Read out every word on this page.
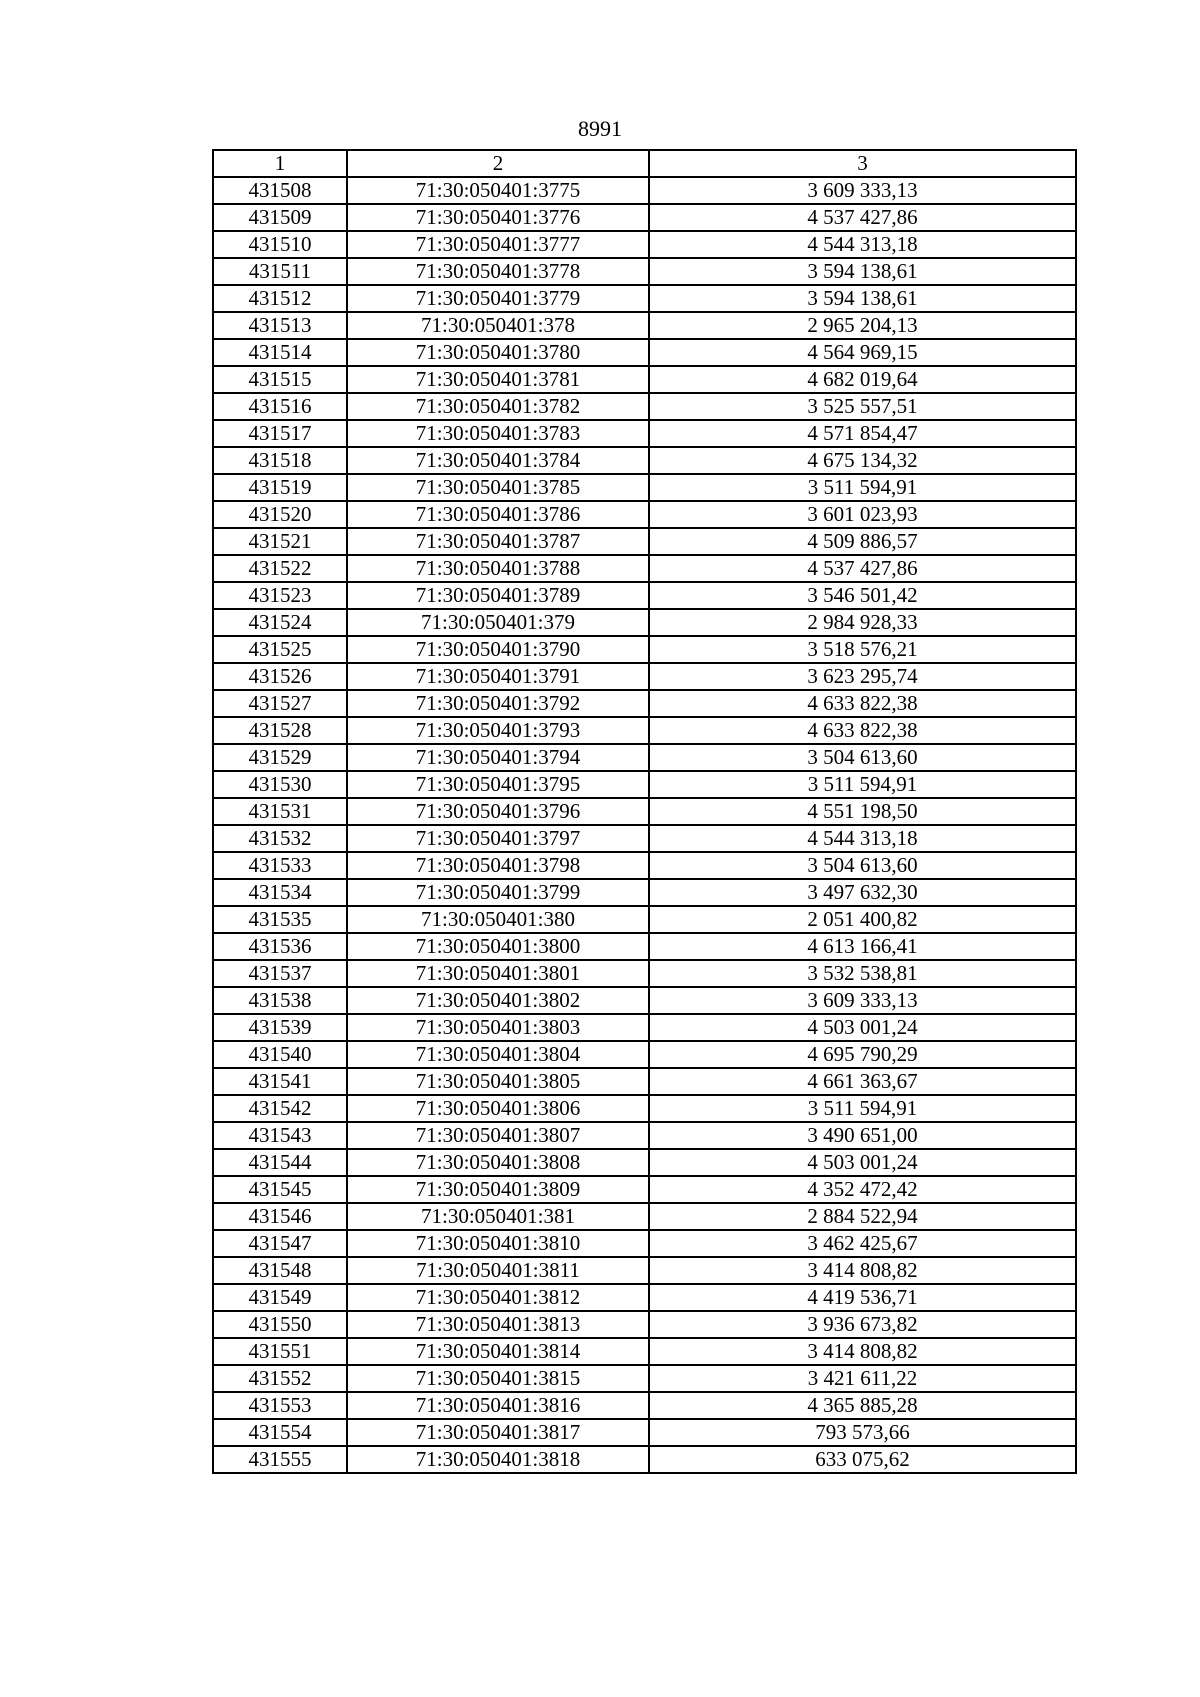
8991
1	2	3
431508	71:30:050401:3775	3 609 333,13
431509	71:30:050401:3776	4 537 427,86
431510	71:30:050401:3777	4 544 313,18
431511	71:30:050401:3778	3 594 138,61
431512	71:30:050401:3779	3 594 138,61
431513	71:30:050401:378	2 965 204,13
431514	71:30:050401:3780	4 564 969,15
431515	71:30:050401:3781	4 682 019,64
431516	71:30:050401:3782	3 525 557,51
431517	71:30:050401:3783	4 571 854,47
431518	71:30:050401:3784	4 675 134,32
431519	71:30:050401:3785	3 511 594,91
431520	71:30:050401:3786	3 601 023,93
431521	71:30:050401:3787	4 509 886,57
431522	71:30:050401:3788	4 537 427,86
431523	71:30:050401:3789	3 546 501,42
431524	71:30:050401:379	2 984 928,33
431525	71:30:050401:3790	3 518 576,21
431526	71:30:050401:3791	3 623 295,74
431527	71:30:050401:3792	4 633 822,38
431528	71:30:050401:3793	4 633 822,38
431529	71:30:050401:3794	3 504 613,60
431530	71:30:050401:3795	3 511 594,91
431531	71:30:050401:3796	4 551 198,50
431532	71:30:050401:3797	4 544 313,18
431533	71:30:050401:3798	3 504 613,60
431534	71:30:050401:3799	3 497 632,30
431535	71:30:050401:380	2 051 400,82
431536	71:30:050401:3800	4 613 166,41
431537	71:30:050401:3801	3 532 538,81
431538	71:30:050401:3802	3 609 333,13
431539	71:30:050401:3803	4 503 001,24
431540	71:30:050401:3804	4 695 790,29
431541	71:30:050401:3805	4 661 363,67
431542	71:30:050401:3806	3 511 594,91
431543	71:30:050401:3807	3 490 651,00
431544	71:30:050401:3808	4 503 001,24
431545	71:30:050401:3809	4 352 472,42
431546	71:30:050401:381	2 884 522,94
431547	71:30:050401:3810	3 462 425,67
431548	71:30:050401:3811	3 414 808,82
431549	71:30:050401:3812	4 419 536,71
431550	71:30:050401:3813	3 936 673,82
431551	71:30:050401:3814	3 414 808,82
431552	71:30:050401:3815	3 421 611,22
431553	71:30:050401:3816	4 365 885,28
431554	71:30:050401:3817	793 573,66
431555	71:30:050401:3818	633 075,62
